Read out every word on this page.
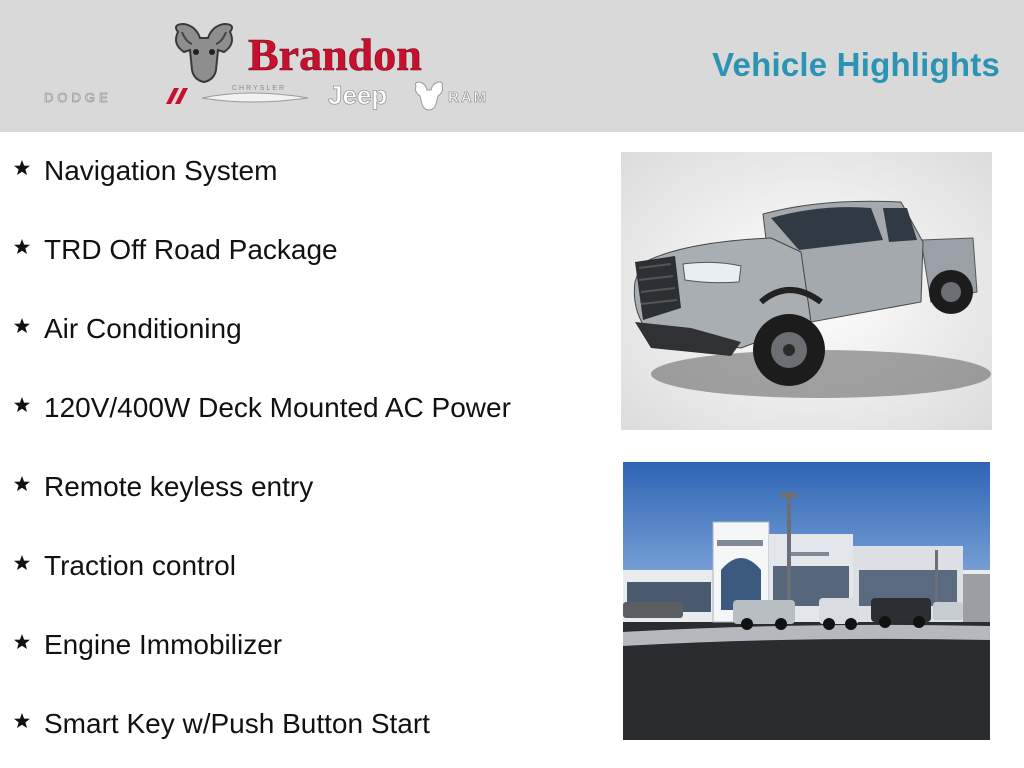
Brandon
DODGE
CHRYSLER Jeep	RAM
Vehicle Highlights
Navigation System
TRD Off Road Package
Air Conditioning
120V/400W Deck Mounted AC Power
Remote keyless entry
Traction control
Engine Immobilizer
Smart Key w/Push Button Start
